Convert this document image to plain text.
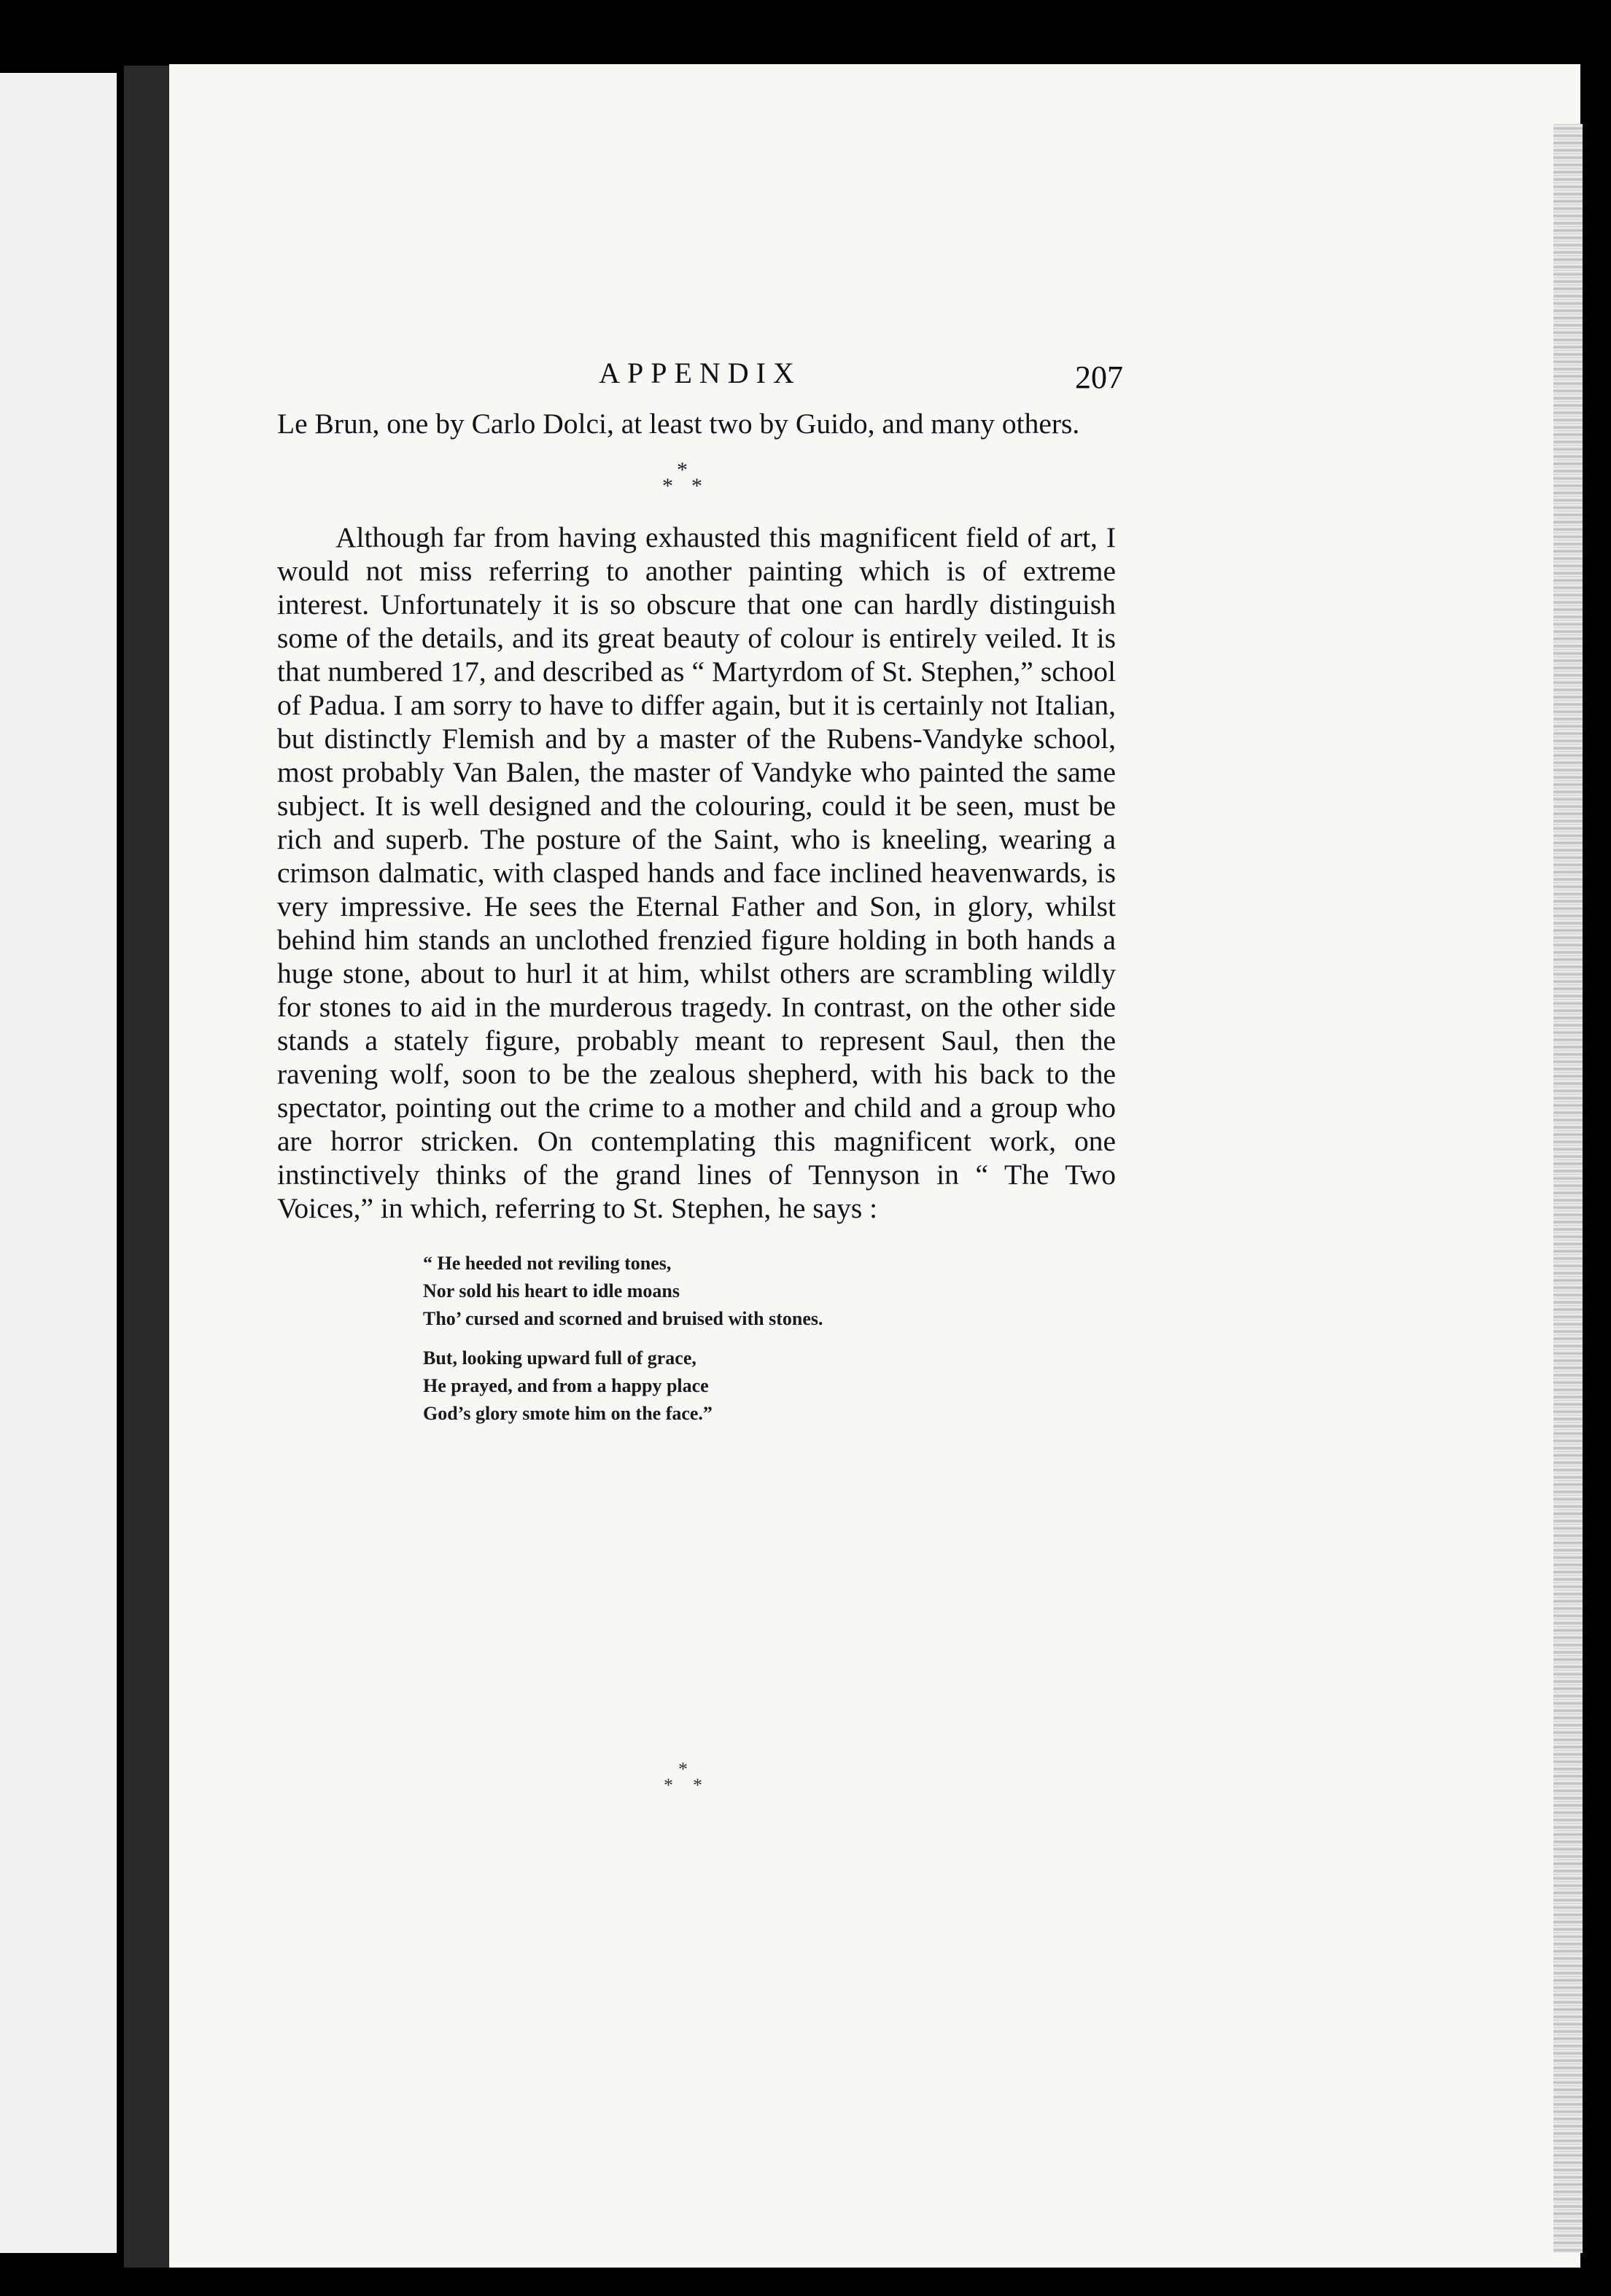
APPENDIX	207

Le Brun, one by Carlo Dolci, at least two by Guido, and many others.

*
* *

Although far from having exhausted this magnificent field of art, I would not miss referring to another painting which is of extreme interest. Unfortunately it is so obscure that one can hardly distinguish some of the details, and its great beauty of colour is entirely veiled. It is that numbered 17, and described as “ Martyrdom of St. Stephen,” school of Padua. I am sorry to have to differ again, but it is certainly not Italian, but distinctly Flemish and by a master of the Rubens-Vandyke school, most probably Van Balen, the master of Vandyke who painted the same subject. It is well designed and the colouring, could it be seen, must be rich and superb. The posture of the Saint, who is kneeling, wearing a crimson dalmatic, with clasped hands and face inclined heavenwards, is very impressive. He sees the Eternal Father and Son, in glory, whilst behind him stands an unclothed frenzied figure holding in both hands a huge stone, about to hurl it at him, whilst others are scrambling wildly for stones to aid in the murderous tragedy. In contrast, on the other side stands a stately figure, probably meant to represent Saul, then the ravening wolf, soon to be the zealous shepherd, with his back to the spectator, pointing out the crime to a mother and child and a group who are horror stricken. On contemplating this magnificent work, one instinctively thinks of the grand lines of Tennyson in “ The Two Voices,” in which, referring to St. Stephen, he says :

“ He heeded not reviling tones,
Nor sold his heart to idle moans
Tho’ cursed and scorned and bruised with stones.
But, looking upward full of grace,
He prayed, and from a happy place
God’s glory smote him on the face.”
*
* *
